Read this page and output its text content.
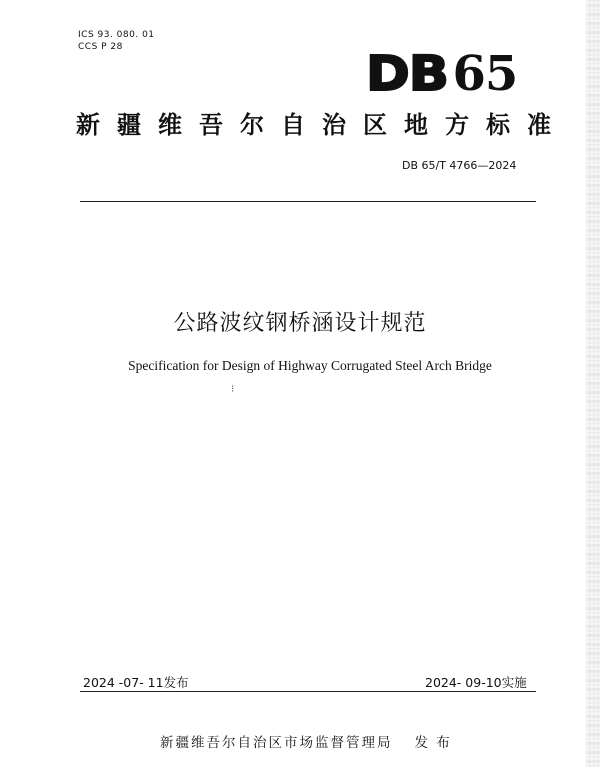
ICS 93. 080. 01
CCS P 28	DB65
新疆维吾尔自治区地方标准
DB 65/T 4766—2024
公路波纹钢桥涵设计规范
Specification for Design of Highway Corrugated Steel Arch Bridge
⁝
2024 -07- 11发布	2024- 09-10实施
新疆维吾尔自治区市场监督管理局 发 布
